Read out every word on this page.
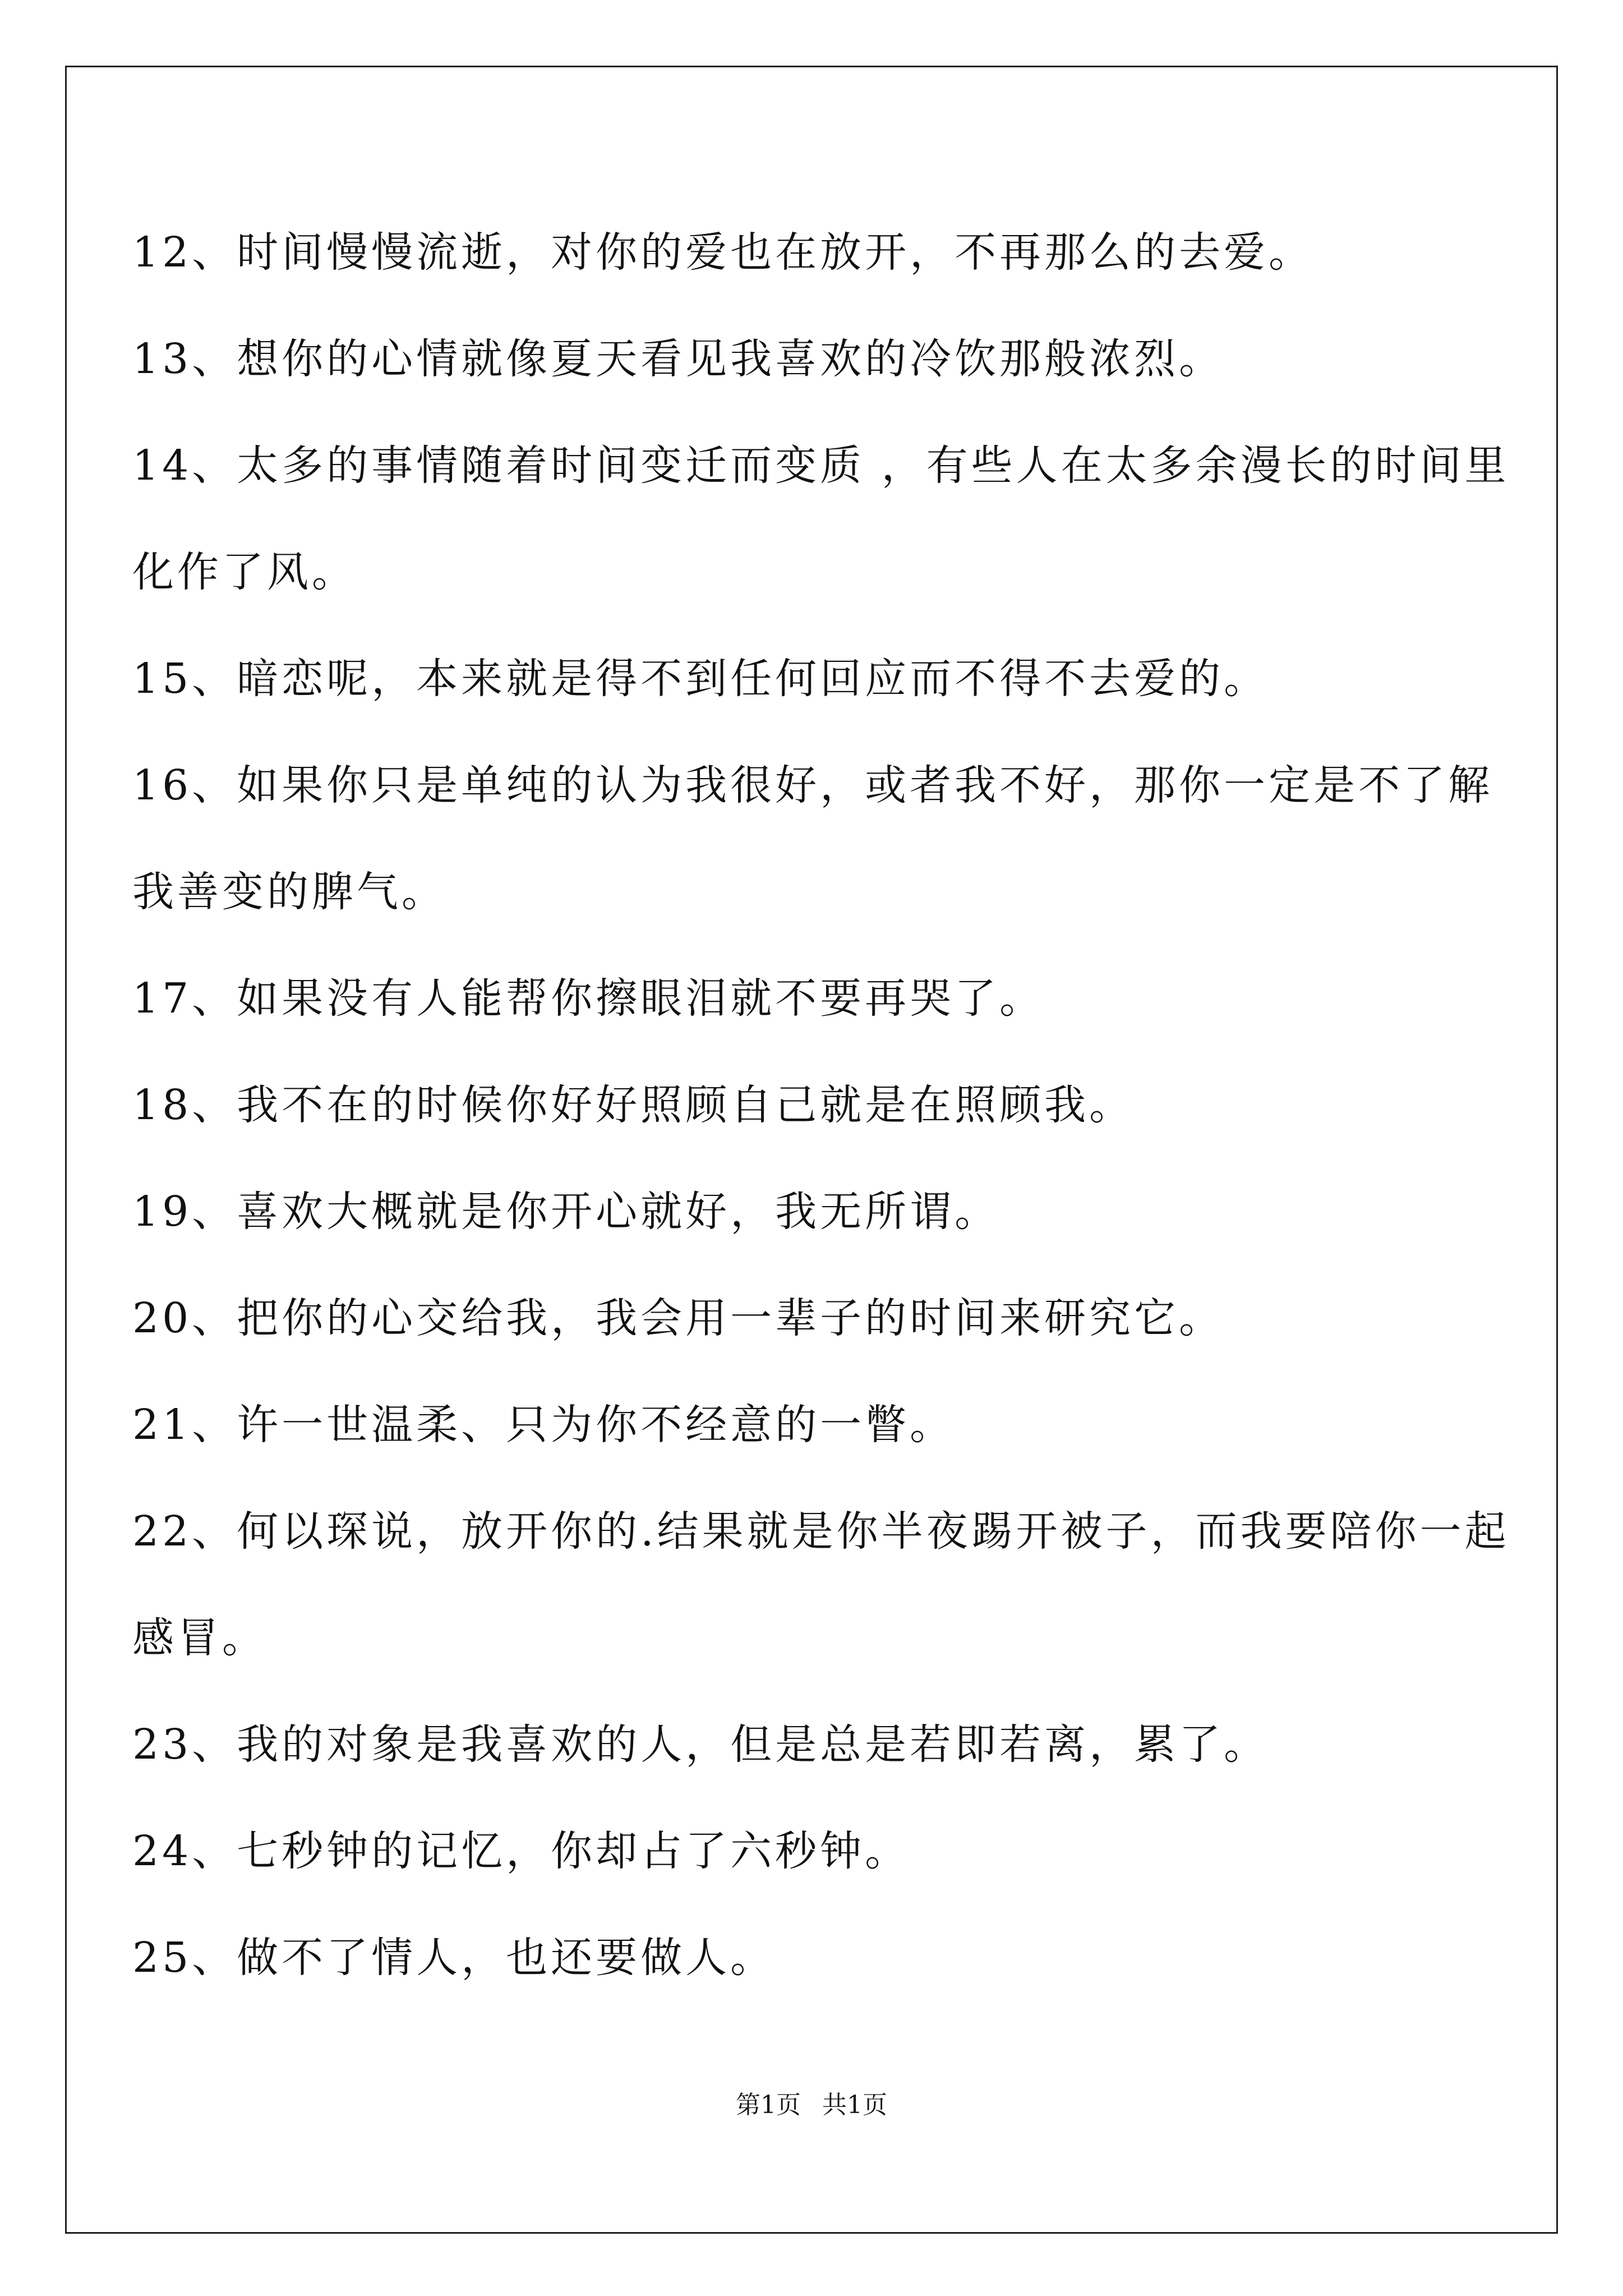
12、时间慢慢流逝，对你的爱也在放开，不再那么的去爱。
13、想你的心情就像夏天看见我喜欢的冷饮那般浓烈。
14、太多的事情随着时间变迁而变质 ，有些人在太多余漫长的时间里
化作了风。
15、暗恋呢，本来就是得不到任何回应而不得不去爱的。
16、如果你只是单纯的认为我很好，或者我不好，那你一定是不了解
我善变的脾气。
17、如果没有人能帮你擦眼泪就不要再哭了。
18、我不在的时候你好好照顾自己就是在照顾我。
19、喜欢大概就是你开心就好，我无所谓。
20、把你的心交给我，我会用一辈子的时间来研究它。
21、许一世温柔、只为你不经意的一瞥。
22、何以琛说，放开你的.结果就是你半夜踢开被子，而我要陪你一起
感冒。
23、我的对象是我喜欢的人，但是总是若即若离，累了。
24、七秒钟的记忆，你却占了六秒钟。
25、做不了情人，也还要做人。
第1页 共1页
